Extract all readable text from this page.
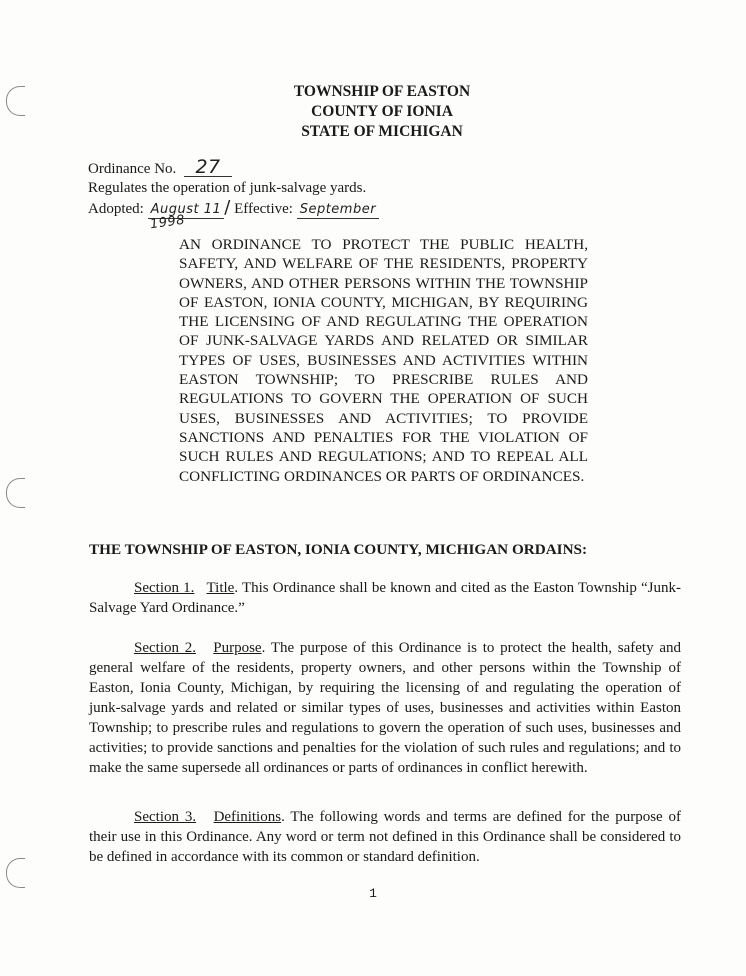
TOWNSHIP OF EASTON
COUNTY OF IONIA
STATE OF MICHIGAN
Ordinance No. 27
Regulates the operation of junk-salvage yards.
Adopted: August 11 / Effective: September
1998
AN ORDINANCE TO PROTECT THE PUBLIC HEALTH, SAFETY, AND WELFARE OF THE RESIDENTS, PROPERTY OWNERS, AND OTHER PERSONS WITHIN THE TOWNSHIP OF EASTON, IONIA COUNTY, MICHIGAN, BY REQUIRING THE LICENSING OF AND REGULATING THE OPERATION OF JUNK-SALVAGE YARDS AND RELATED OR SIMILAR TYPES OF USES, BUSINESSES AND ACTIVITIES WITHIN EASTON TOWNSHIP; TO PRESCRIBE RULES AND REGULATIONS TO GOVERN THE OPERATION OF SUCH USES, BUSINESSES AND ACTIVITIES; TO PROVIDE SANCTIONS AND PENALTIES FOR THE VIOLATION OF SUCH RULES AND REGULATIONS; AND TO REPEAL ALL CONFLICTING ORDINANCES OR PARTS OF ORDINANCES.
THE TOWNSHIP OF EASTON, IONIA COUNTY, MICHIGAN ORDAINS:
Section 1. Title. This Ordinance shall be known and cited as the Easton Township “Junk-Salvage Yard Ordinance.”
Section 2. Purpose. The purpose of this Ordinance is to protect the health, safety and general welfare of the residents, property owners, and other persons within the Township of Easton, Ionia County, Michigan, by requiring the licensing of and regulating the operation of junk-salvage yards and related or similar types of uses, businesses and activities within Easton Township; to prescribe rules and regulations to govern the operation of such uses, businesses and activities; to provide sanctions and penalties for the violation of such rules and regulations; and to make the same supersede all ordinances or parts of ordinances in conflict herewith.
Section 3. Definitions. The following words and terms are defined for the purpose of their use in this Ordinance. Any word or term not defined in this Ordinance shall be considered to be defined in accordance with its common or standard definition.
1
